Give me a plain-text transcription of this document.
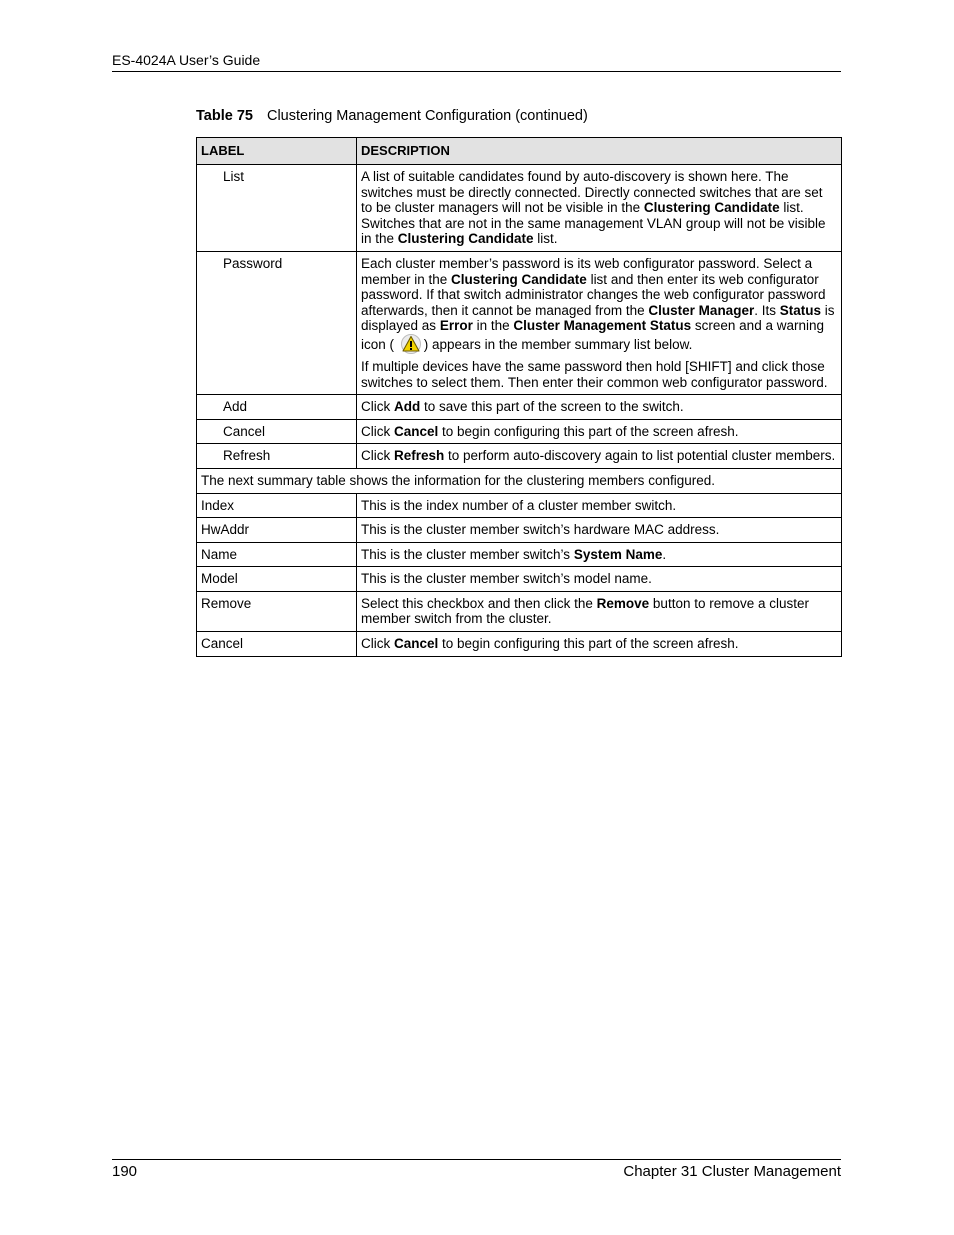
ES-4024A User’s Guide
Table 75 Clustering Management Configuration (continued)
LABEL	DESCRIPTION
List	A list of suitable candidates found by auto-discovery is shown here. The switches must be directly connected. Directly connected switches that are set to be cluster managers will not be visible in the Clustering Candidate list. Switches that are not in the same management VLAN group will not be visible in the Clustering Candidate list.
Password	Each cluster member’s password is its web configurator password. Select a member in the Clustering Candidate list and then enter its web configurator password. If that switch administrator changes the web configurator password afterwards, then it cannot be managed from the Cluster Manager. Its Status is displayed as Error in the Cluster Management Status screen and a warning icon ( ) appears in the member summary list below.
If multiple devices have the same password then hold [SHIFT] and click those switches to select them. Then enter their common web configurator password.

Add	Click Add to save this part of the screen to the switch.
Cancel	Click Cancel to begin configuring this part of the screen afresh.
Refresh	Click Refresh to perform auto-discovery again to list potential cluster members.
The next summary table shows the information for the clustering members configured.	
Index	This is the index number of a cluster member switch.
HwAddr	This is the cluster member switch’s hardware MAC address.
Name	This is the cluster member switch’s System Name.
Model	This is the cluster member switch’s model name.
Remove	Select this checkbox and then click the Remove button to remove a cluster member switch from the cluster.
Cancel	Click Cancel to begin configuring this part of the screen afresh.
190	Chapter 31 Cluster Management
